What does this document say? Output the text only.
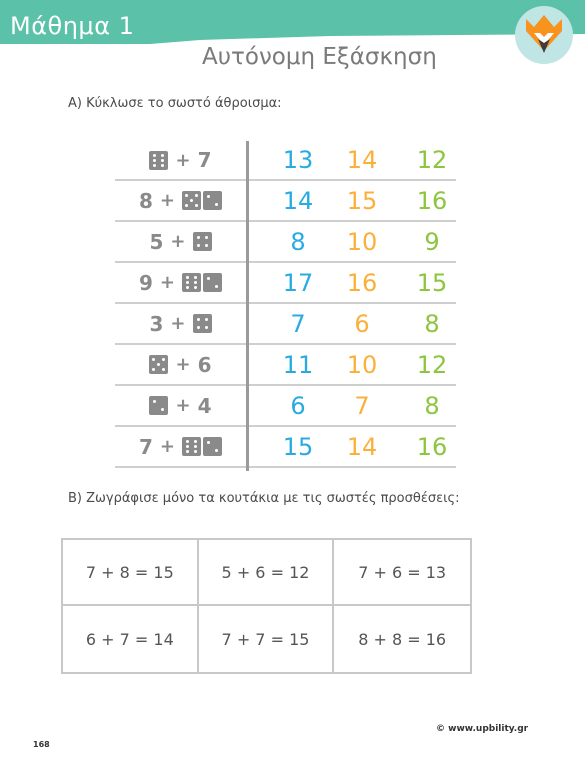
Μάθημα 1
Αυτόνομη Εξάσκηση
Α) Κύκλωσε το σωστό άθροισμα:
+ 7	13	14	12
8 +	14	15	16
5 +	8	10	9
9 +	17	16	15
3 +	7	6	8
+ 6	11	10	12
+ 4	6	7	8
7 +	15	14	16
Β) Ζωγράφισε μόνο τα κουτάκια με τις σωστές προσθέσεις:
7 + 8 = 15	5 + 6 = 12	7 + 6 = 13
6 + 7 = 14	7 + 7 = 15	8 + 8 = 16
© www.upbility.gr
168
